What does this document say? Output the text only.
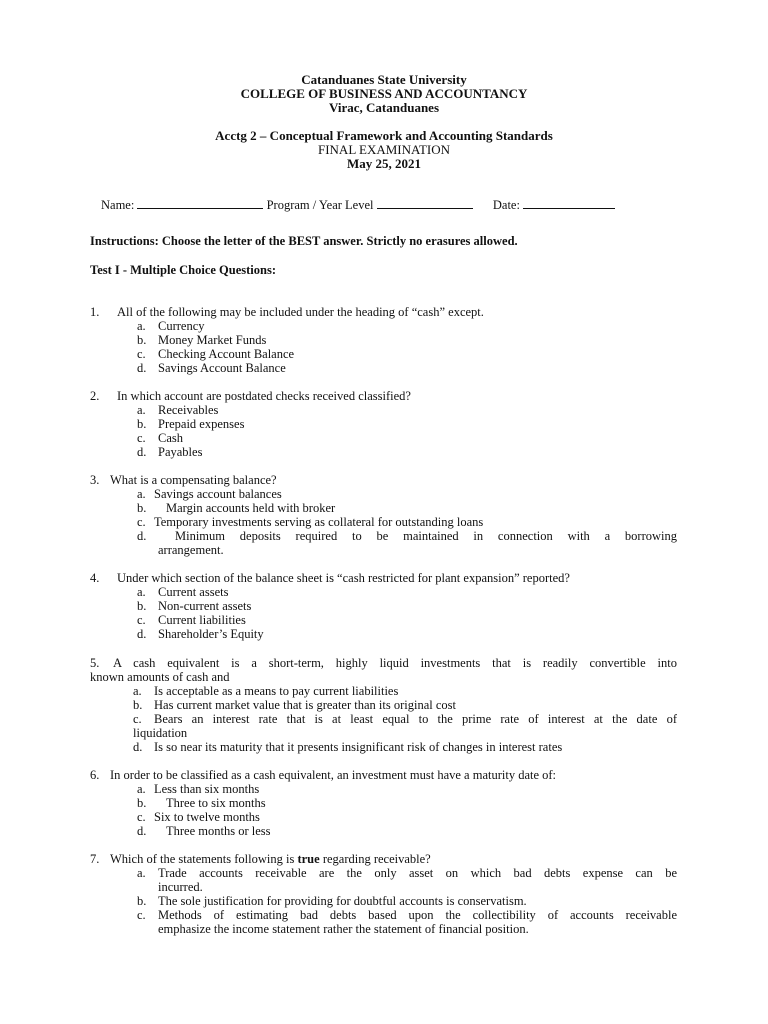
Catanduanes State University
COLLEGE OF BUSINESS AND ACCOUNTANCY
Virac, Catanduanes
Acctg 2 – Conceptual Framework and Accounting Standards
FINAL EXAMINATION
May 25, 2021
Name:	Program / Year Level	Date:
Instructions: Choose the letter of the BEST answer. Strictly no erasures allowed.
Test I - Multiple Choice Questions:
1. All of the following may be included under the heading of “cash” except.
a. Currency
b. Money Market Funds
c. Checking Account Balance
d. Savings Account Balance
2. In which account are postdated checks received classified?
a. Receivables
b. Prepaid expenses
c. Cash
d. Payables
3. What is a compensating balance?
a. Savings account balances
b. Margin accounts held with broker
c. Temporary investments serving as collateral for outstanding loans
d. Minimum deposits required to be maintained in connection with a borrowing
arrangement.
4. Under which section of the balance sheet is “cash restricted for plant expansion” reported?
a. Current assets
b. Non-current assets
c. Current liabilities
d. Shareholder’s Equity
5. A cash equivalent is a short-term, highly liquid investments that is readily convertible into
known amounts of cash and
a. Is acceptable as a means to pay current liabilities
b. Has current market value that is greater than its original cost
c. Bears an interest rate that is at least equal to the prime rate of interest at the date of
liquidation
d. Is so near its maturity that it presents insignificant risk of changes in interest rates
6. In order to be classified as a cash equivalent, an investment must have a maturity date of:
a. Less than six months
b. Three to six months
c. Six to twelve months
d. Three months or less
7. Which of the statements following is true regarding receivable?
a. Trade accounts receivable are the only asset on which bad debts expense can be
incurred.
b. The sole justification for providing for doubtful accounts is conservatism.
c. Methods of estimating bad debts based upon the collectibility of accounts receivable
emphasize the income statement rather the statement of financial position.
